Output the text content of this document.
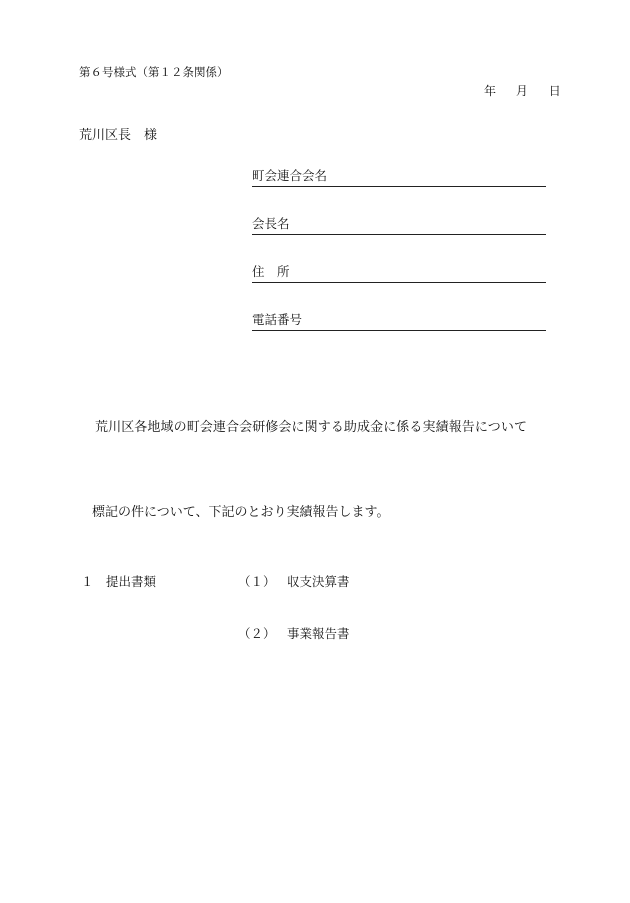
第６号様式（第１２条関係）
年 月 日
荒川区長　様
町会連合会名
会長名
住　所
電話番号
荒川区各地域の町会連合会研修会に関する助成金に係る実績報告について
標記の件について、下記のとおり実績報告します。
１ 提出書類	（１） 収支決算書
（２） 事業報告書
